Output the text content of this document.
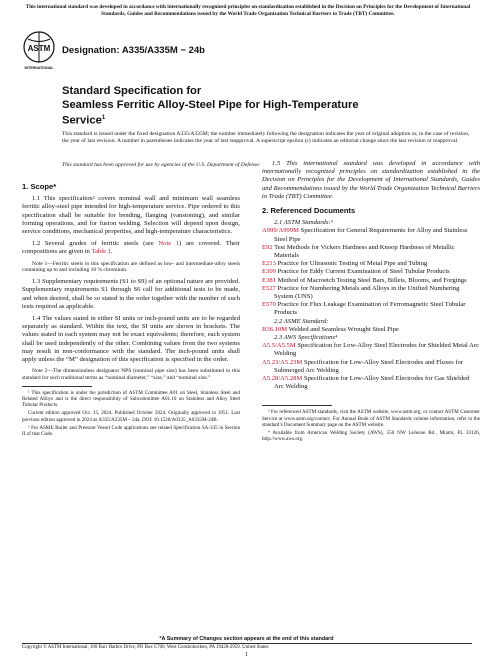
This international standard was developed in accordance with internationally recognized principles on standardization established in the Decision on Principles for the Development of International Standards, Guides and Recommendations issued by the World Trade Organization Technical Barriers to Trade (TBT) Committee.
ASTM
INTERNATIONAL
Designation: A335/A335M − 24b
Standard Specification for
Seamless Ferritic Alloy-Steel Pipe for High-Temperature
Service$^1$
This standard is issued under the fixed designation A335/A335M; the number immediately following the designation indicates the year of original adoption or, in the case of revision, the year of last revision. A number in parentheses indicates the year of last reapproval. A superscript epsilon (ε) indicates an editorial change since the last revision or reapproval.
This standard has been approved for use by agencies of the U.S. Department of Defense.
1. Scope*

1.1 This specification² covers nominal wall and minimum wall seamless ferritic alloy-steel pipe intended for high-temperature service. Pipe ordered to this specification shall be suitable for bending, flanging (vanstoning), and similar forming operations, and for fusion welding. Selection will depend upon design, service conditions, mechanical properties, and high-temperature characteristics.

1.2 Several grades of ferritic steels (see Note 1) are covered. Their compositions are given in Table 1.

Note 1—Ferritic steels in this specification are defined as low- and intermediate-alloy steels containing up to and including 10 % chromium.

1.3 Supplementary requirements (S1 to S9) of an optional nature are provided. Supplementary requirements S1 through S6 call for additional tests to be made, and when desired, shall be so stated in the order together with the number of such tests required as applicable.

1.4 The values stated in either SI units or inch-pound units are to be regarded separately as standard. Within the text, the SI units are shown in brackets. The values stated in each system may not be exact equivalents; therefore, each system shall be used independently of the other. Combining values from the two systems may result in non-conformance with the standard. The inch-pound units shall apply unless the “M” designation of this specification is specified in the order.

Note 2—The dimensionless designator NPS (nominal pipe size) has been substituted in this standard for such traditional terms as “nominal diameter,” “size,” and “nominal size.”

¹ This specification is under the jurisdiction of ASTM Committee A01 on Steel, Stainless Steel and Related Alloys and is the direct responsibility of Subcommittee A01.10 on Stainless and Alloy Steel Tubular Products.

Current edition approved Oct. 15, 2024. Published October 2024. Originally approved in 1951. Last previous edition approved in 2024 as A335/A335M – 24a. DOI: 10.1520/A0335_A0335M-24B.

² For ASME Boiler and Pressure Vessel Code applications see related Specification SA-335 in Section II of that Code.

1.5 This international standard was developed in accordance with internationally recognized principles on standardization established in the Decision on Principles for the Development of International Standards, Guides and Recommendations issued by the World Trade Organization Technical Barriers to Trade (TBT) Committee.

2. Referenced Documents
2.1 ASTM Standards:³
A999/A999M Specification for General Requirements for Alloy and Stainless Steel Pipe
E92 Test Methods for Vickers Hardness and Knoop Hardness of Metallic Materials
E213 Practice for Ultrasonic Testing of Metal Pipe and Tubing
E309 Practice for Eddy Current Examination of Steel Tubular Products
E381 Method of Macroetch Testing Steel Bars, Billets, Blooms, and Forgings
E527 Practice for Numbering Metals and Alloys in the Unified Numbering System (UNS)
E570 Practice for Flux Leakage Examination of Ferromagnetic Steel Tubular Products
2.2 ASME Standard:
B36.10M Welded and Seamless Wrought Steel Pipe
2.3 AWS Specifications⁴
A5.5/A5.5M Specification for Low-Alloy Steel Electrodes for Shielded Metal Arc Welding
A5.23/A5.23M Specification for Low-Alloy Steel Electrodes and Fluxes for Submerged Arc Welding
A5.28/A5.28M Specification for Low-Alloy Steel Electrodes for Gas Shielded Arc Welding

³ For referenced ASTM standards, visit the ASTM website, www.astm.org, or contact ASTM Customer Service at www.astm.org/contact. For Annual Book of ASTM Standards volume information, refer to the standard’s Document Summary page on the ASTM website.

⁴ Available from American Welding Society (AWS), 550 NW LeJeune Rd., Miami, FL 33126, http://www.aws.org.

*A Summary of Changes section appears at the end of this standard
Copyright © ASTM International, 100 Barr Harbor Drive, PO Box C700, West Conshohocken, PA 19428-2959. United States
1
